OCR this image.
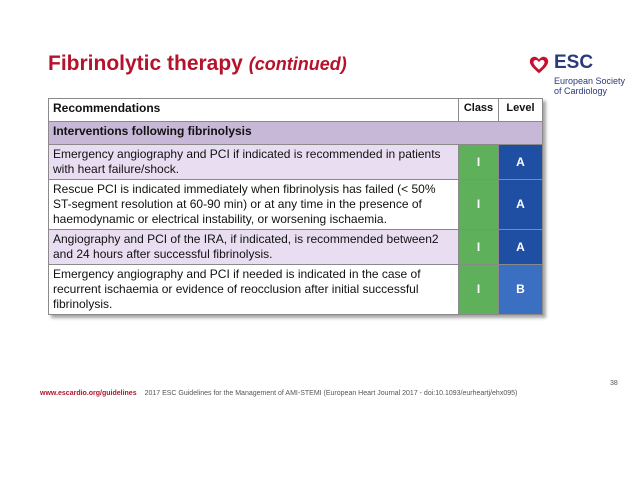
Fibrinolytic therapy (continued)	ESC
European Society
of Cardiology
Recommendations	Class	Level
Interventions following fibrinolysis		
Emergency angiography and PCI if indicated is recommended in patients with heart failure/shock.	I	A
Rescue PCI is indicated immediately when fibrinolysis has failed (< 50% ST-segment resolution at 60-90 min) or at any time in the presence of haemodynamic or electrical instability, or worsening ischaemia.	I	A
Angiography and PCI of the IRA, if indicated, is recommended between2 and 24 hours after successful fibrinolysis.	I	A
Emergency angiography and PCI if needed is indicated in the case of recurrent ischaemia or evidence of reocclusion after initial successful fibrinolysis.	I	B
38
www.escardio.org/guidelines 2017 ESC Guidelines for the Management of AMI-STEMI (European Heart Journal 2017 - doi:10.1093/eurheartj/ehx095)
